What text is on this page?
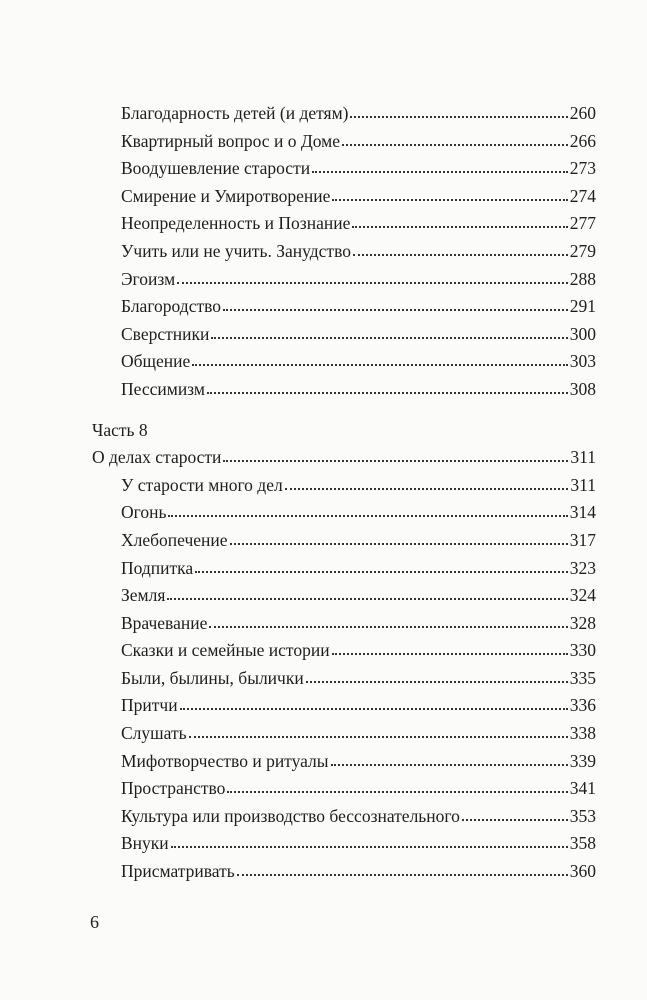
Благодарность детей (и детям)	260
Квартирный вопрос и о Доме	266
Воодушевление старости	273
Смирение и Умиротворение	274
Неопределенность и Познание	277
Учить или не учить. Занудство	279
Эгоизм	288
Благородство	291
Сверстники	300
Общение	303
Пессимизм	308
Часть 8
О делах старости	311
У старости много дел	311
Огонь	314
Хлебопечение	317
Подпитка	323
Земля	324
Врачевание	328
Сказки и семейные истории	330
Были, былины, былички	335
Притчи	336
Слушать	338
Мифотворчество и ритуалы	339
Пространство	341
Культура или производство бессознательного	353
Внуки	358
Присматривать	360
6
